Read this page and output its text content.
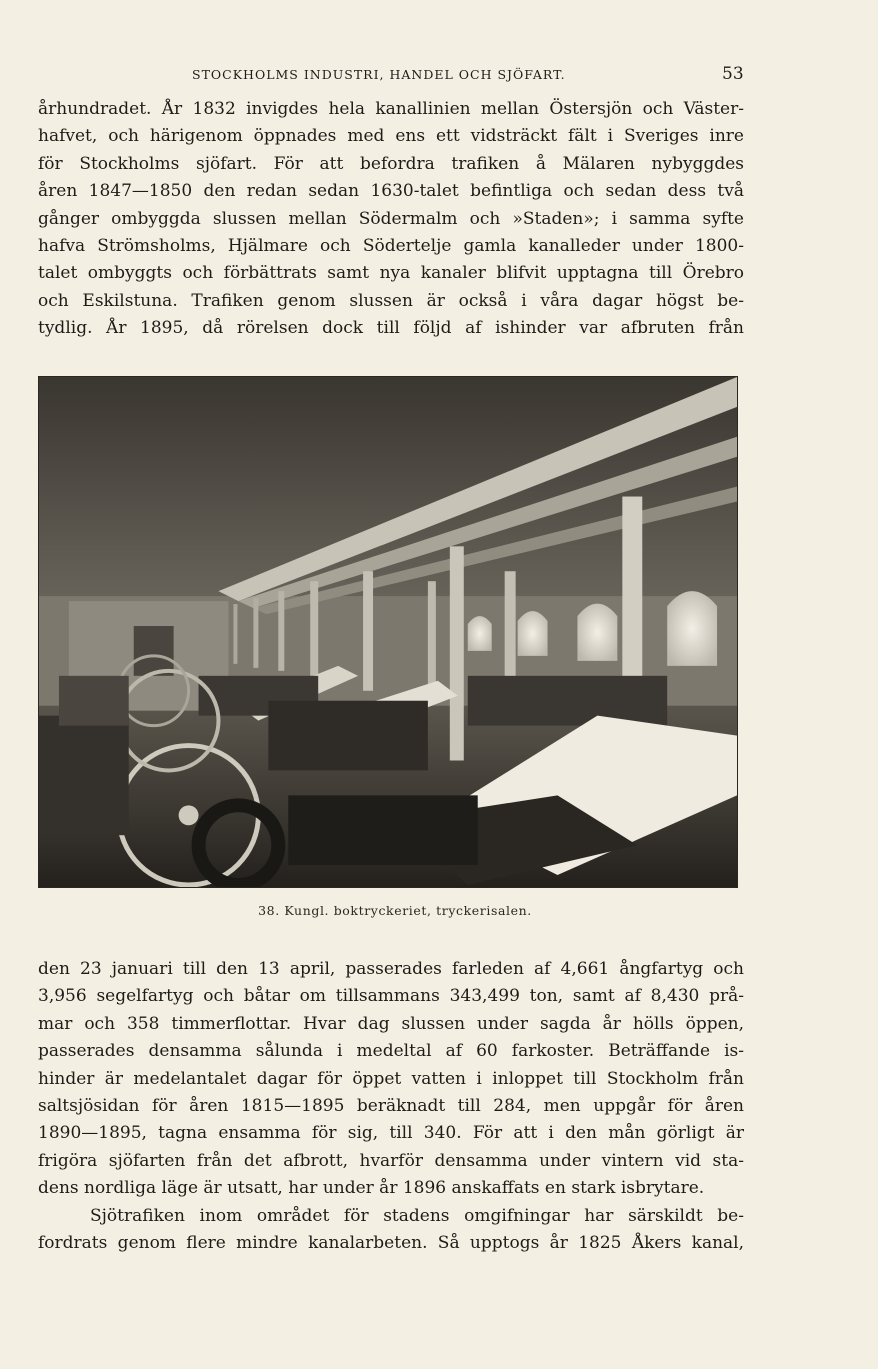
STOCKHOLMS INDUSTRI, HANDEL OCH SJÖFART.	53

århundradet. År 1832 invigdes hela kanallinien mellan Östersjön och Väster-
hafvet, och härigenom öppnades med ens ett vidsträckt fält i Sveriges inre
för Stockholms sjöfart. För att befordra trafiken å Mälaren nybyggdes
åren 1847—1850 den redan sedan 1630-talet befintliga och sedan dess två
gånger ombyggda slussen mellan Södermalm och »Staden»; i samma syfte
hafva Strömsholms, Hjälmare och Södertelje gamla kanalleder under 1800-
talet ombyggts och förbättrats samt nya kanaler blifvit upptagna till Örebro
och Eskilstuna. Trafiken genom slussen är också i våra dagar högst be-
tydlig. År 1895, då rörelsen dock till följd af ishinder var afbruten från

38. Kungl. boktryckeriet, tryckerisalen.

den 23 januari till den 13 april, passerades farleden af 4,661 ångfartyg och
3,956 segelfartyg och båtar om tillsammans 343,499 ton, samt af 8,430 prå-
mar och 358 timmerflottar. Hvar dag slussen under sagda år hölls öppen,
passerades densamma sålunda i medeltal af 60 farkoster. Beträffande is-
hinder är medelantalet dagar för öppet vatten i inloppet till Stockholm från
saltsjösidan för åren 1815—1895 beräknadt till 284, men uppgår för åren
1890—1895, tagna ensamma för sig, till 340. För att i den mån görligt är
frigöra sjöfarten från det afbrott, hvarför densamma under vintern vid sta-
dens nordliga läge är utsatt, har under år 1896 anskaffats en stark isbrytare.
Sjötrafiken inom området för stadens omgifningar har särskildt be-
fordrats genom flere mindre kanalarbeten. Så upptogs år 1825 Åkers kanal,
